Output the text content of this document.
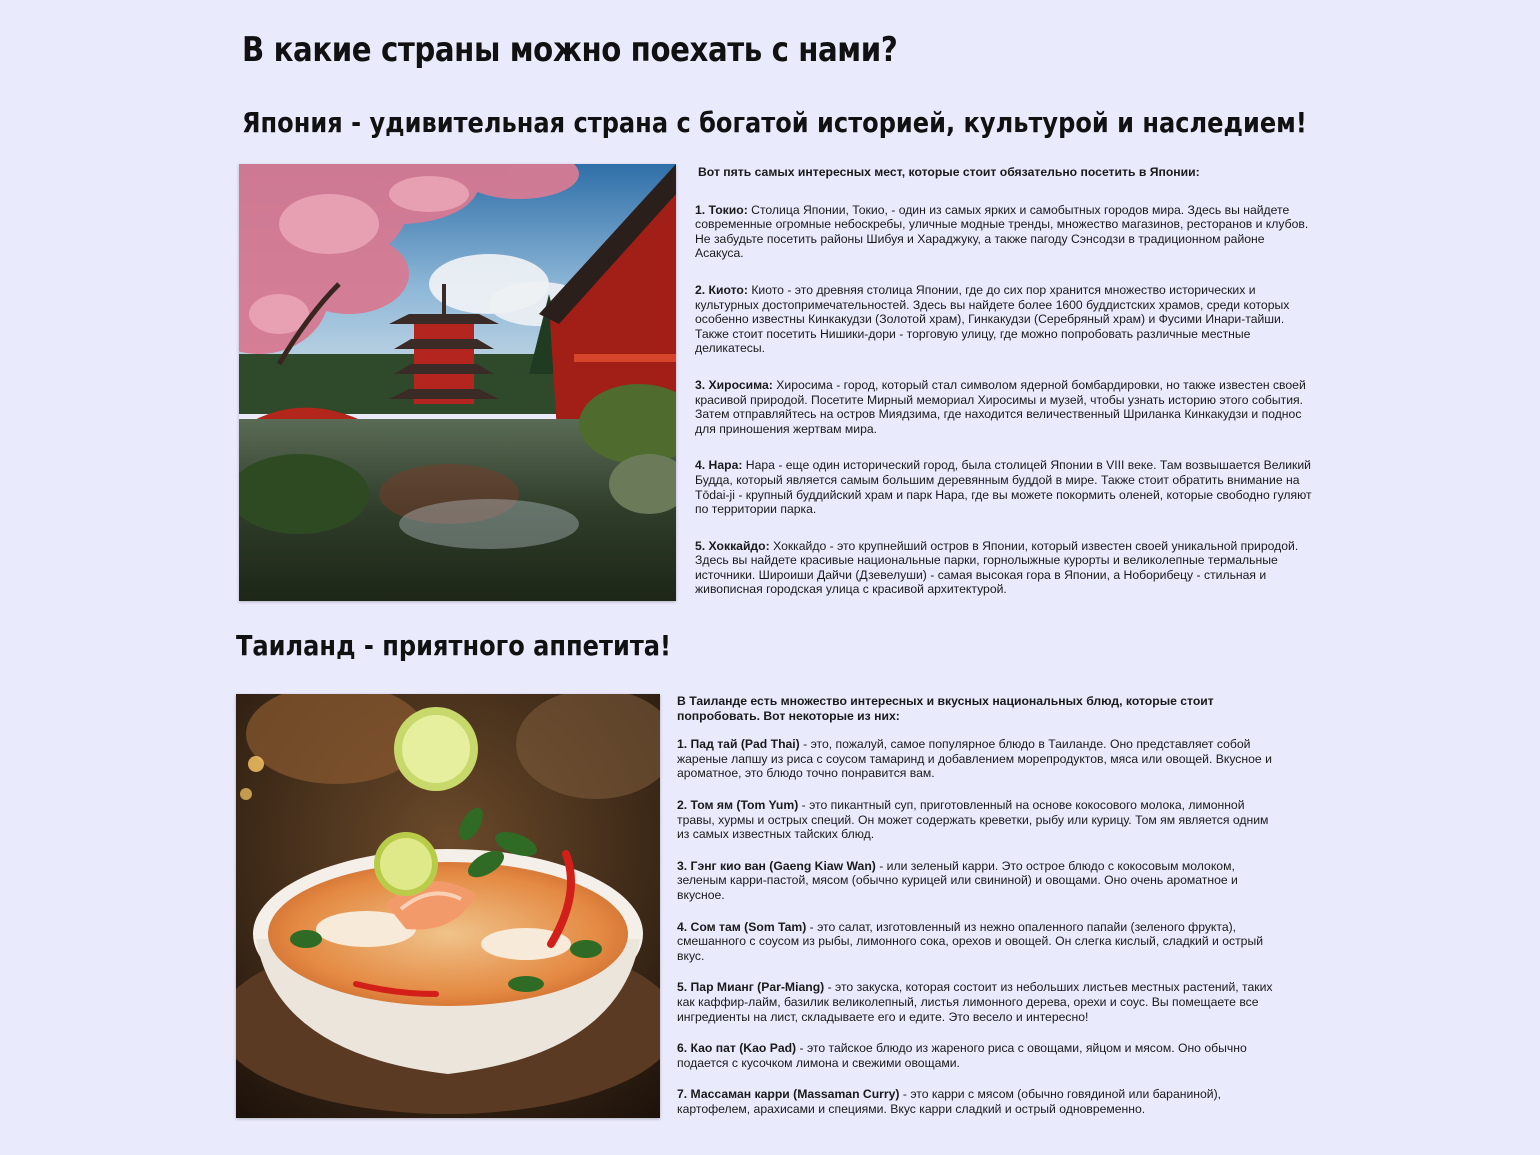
В какие страны можно поехать с нами?
Япония - удивительная страна с богатой историей, культурой и наследием!

Вот пять самых интересных мест, которые стоит обязательно посетить в Японии:

1. Токио: Столица Японии, Токио, - один из самых ярких и самобытных городов мира. Здесь вы найдете современные огромные небоскребы, уличные модные тренды, множество магазинов, ресторанов и клубов. Не забудьте посетить районы Шибуя и Хараджуку, а также пагоду Сэнсодзи в традиционном районе Асакуса.

2. Киото: Киото - это древняя столица Японии, где до сих пор хранится множество исторических и культурных достопримечательностей. Здесь вы найдете более 1600 буддистских храмов, среди которых особенно известны Кинкакудзи (Золотой храм), Гинкакудзи (Серебряный храм) и Фусими Инари-тайши. Также стоит посетить Нишики-дори - торговую улицу, где можно попробовать различные местные деликатесы.

3. Хиросима: Хиросима - город, который стал символом ядерной бомбардировки, но также известен своей красивой природой. Посетите Мирный мемориал Хиросимы и музей, чтобы узнать историю этого события. Затем отправляйтесь на остров Миядзима, где находится величественный Шриланка Кинкакудзи и поднос для приношения жертвам мира.

4. Нара: Нара - еще один исторический город, была столицей Японии в VIII веке. Там возвышается Великий Будда, который является самым большим деревянным буддой в мире. Также стоит обратить внимание на Tōdai-ji - крупный буддийский храм и парк Нара, где вы можете покормить оленей, которые свободно гуляют по территории парка.

5. Хоккайдо: Хоккайдо - это крупнейший остров в Японии, который известен своей уникальной природой. Здесь вы найдете красивые национальные парки, горнолыжные курорты и великолепные термальные источники. Широиши Дайчи (Дзевелуши) - самая высокая гора в Японии, а Ноборибецу - стильная и живописная городская улица с красивой архитектурой.

Таиланд - приятного аппетита!

В Таиланде есть множество интересных и вкусных национальных блюд, которые стоит попробовать. Вот некоторые из них:

1. Пад тай (Pad Thai) - это, пожалуй, самое популярное блюдо в Таиланде. Оно представляет собой жареные лапшу из риса с соусом тамаринд и добавлением морепродуктов, мяса или овощей. Вкусное и ароматное, это блюдо точно понравится вам.

2. Том ям (Tom Yum) - это пикантный суп, приготовленный на основе кокосового молока, лимонной травы, хурмы и острых специй. Он может содержать креветки, рыбу или курицу. Том ям является одним из самых известных тайских блюд.

3. Гэнг кио ван (Gaeng Kiaw Wan) - или зеленый карри. Это острое блюдо с кокосовым молоком, зеленым карри-пастой, мясом (обычно курицей или свининой) и овощами. Оно очень ароматное и вкусное.

4. Сом там (Som Tam) - это салат, изготовленный из нежно опаленного папайи (зеленого фрукта), смешанного с соусом из рыбы, лимонного сока, орехов и овощей. Он слегка кислый, сладкий и острый вкус.

5. Пар Мианг (Par-Miang) - это закуска, которая состоит из небольших листьев местных растений, таких как каффир-лайм, базилик великолепный, листья лимонного дерева, орехи и соус. Вы помещаете все ингредиенты на лист, складываете его и едите. Это весело и интересно!

6. Као пат (Kao Pad) - это тайское блюдо из жареного риса с овощами, яйцом и мясом. Оно обычно подается с кусочком лимона и свежими овощами.

7. Массаман карри (Massaman Curry) - это карри с мясом (обычно говядиной или бараниной), картофелем, арахисами и специями. Вкус карри сладкий и острый одновременно.
